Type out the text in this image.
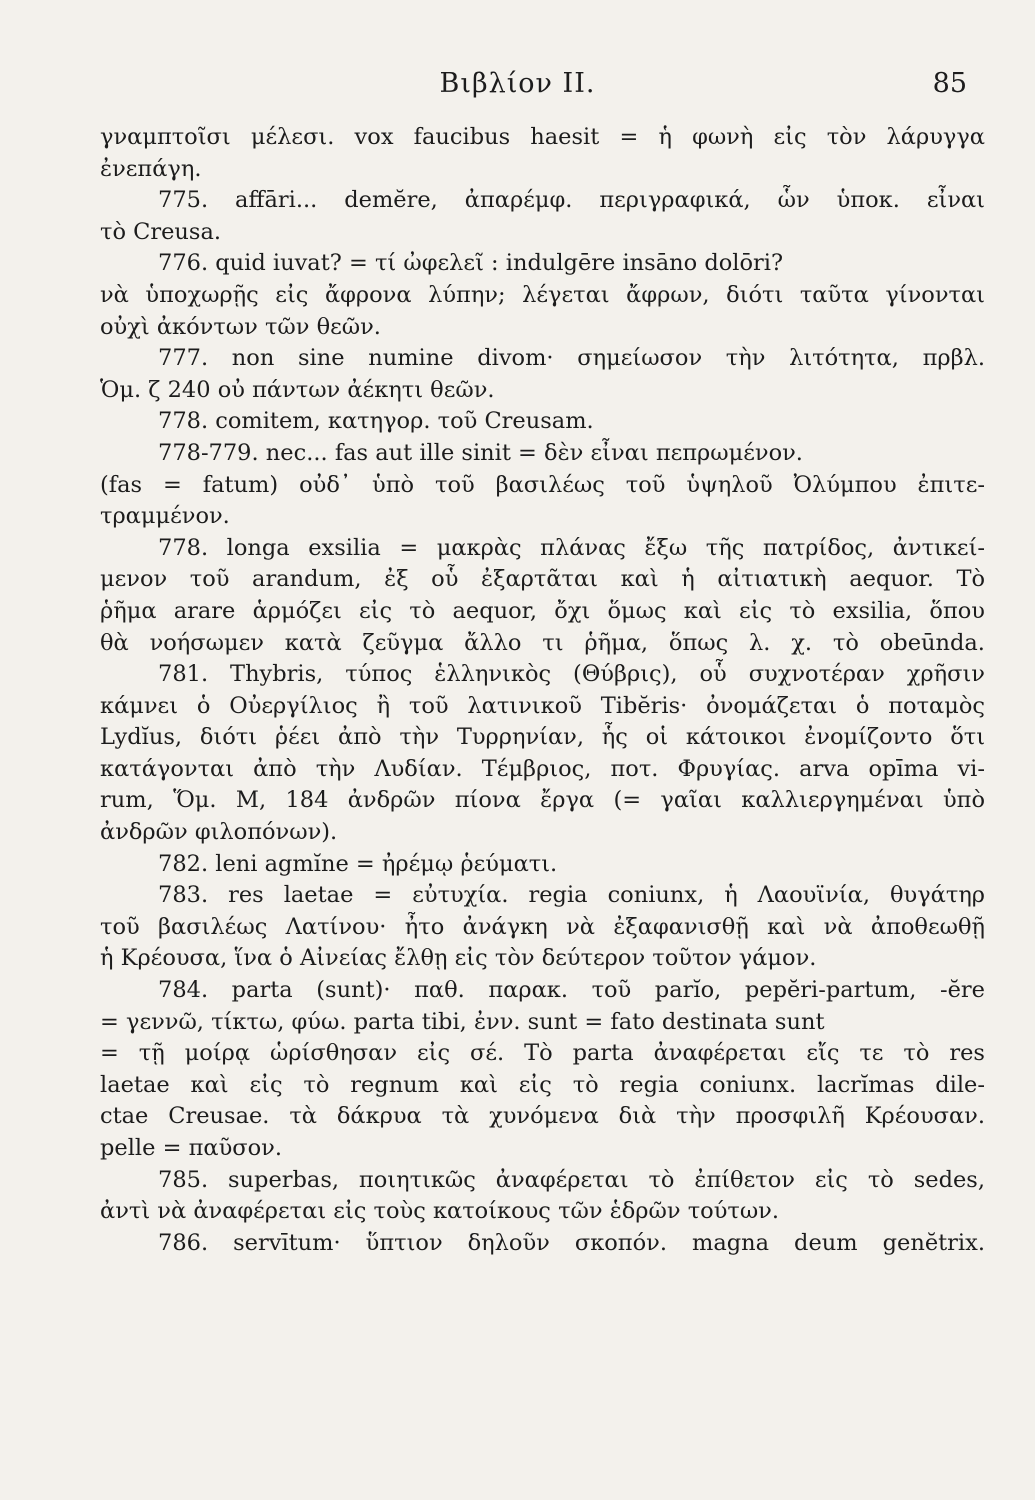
Βιβλίον II.	85
γναμπτοῖσι μέλεσι. vox faucibus haesit = ἡ φωνὴ εἰς τὸν λάρυγγα
ἐνεπάγη.
775. affāri... demĕre, ἀπαρέμφ. περιγραφικά, ὧν ὑποκ. εἶναι
τὸ Creusa.
776. quid iuvat? = τί ὠφελεῖ : indulgēre insāno dolōri?
νὰ ὑποχωρῇς εἰς ἄφρονα λύπην; λέγεται ἄφρων, διότι ταῦτα γίνονται
οὐχὶ ἀκόντων τῶν θεῶν.
777. non sine numine divom· σημείωσον τὴν λιτότητα, πρβλ.
Ὁμ. ζ 240 οὐ πάντων ἀέκητι θεῶν.
778. comitem, κατηγορ. τοῦ Creusam.
778-779. nec... fas aut ille sinit = δὲν εἶναι πεπρωμένον.
(fas = fatum) οὐδ᾽ ὑπὸ τοῦ βασιλέως τοῦ ὑψηλοῦ Ὀλύμπου ἐπιτε-
τραμμένον.
778. longa exsilia = μακρὰς πλάνας ἔξω τῆς πατρίδος, ἀντικεί-
μενον τοῦ arandum, ἐξ οὗ ἐξαρτᾶται καὶ ἡ αἰτιατικὴ aequor. Τὸ
ῥῆμα arare ἁρμόζει εἰς τὸ aequor, ὄχι ὅμως καὶ εἰς τὸ exsilia, ὅπου
θὰ νοήσωμεν κατὰ ζεῦγμα ἄλλο τι ῥῆμα, ὅπως λ. χ. τὸ obeūnda.
781. Thybris, τύπος ἑλληνικὸς (Θύβρις), οὗ συχνοτέραν χρῆσιν
κάμνει ὁ Οὐεργίλιος ἢ τοῦ λατινικοῦ Tibĕris· ὀνομάζεται ὁ ποταμὸς
Lydĭus, διότι ῥέει ἀπὸ τὴν Τυρρηνίαν, ἧς οἱ κάτοικοι ἐνομίζοντο ὅτι
κατάγονται ἀπὸ τὴν Λυδίαν. Τέμβριος, ποτ. Φρυγίας. arva opīma vi-
rum, Ὅμ. Μ, 184 ἀνδρῶν πίονα ἔργα (= γαῖαι καλλιεργημέναι ὑπὸ
ἀνδρῶν φιλοπόνων).
782. leni agmĭne = ἠρέμῳ ῥεύματι.
783. res laetae = εὐτυχία. regia coniunx, ἡ Λαουϊνία, θυγάτηρ
τοῦ βασιλέως Λατίνου· ἦτο ἀνάγκη νὰ ἐξαφανισθῇ καὶ νὰ ἀποθεωθῇ
ἡ Κρέουσα, ἵνα ὁ Αἰνείας ἔλθῃ εἰς τὸν δεύτερον τοῦτον γάμον.
784. parta (sunt)· παθ. παρακ. τοῦ parĭo, pepĕri-partum, -ĕre
= γεννῶ, τίκτω, φύω. parta tibi, ἐνν. sunt = fato destinata sunt
= τῇ μοίρᾳ ὡρίσθησαν εἰς σέ. Τὸ parta ἀναφέρεται εἴς τε τὸ res
laetae καὶ εἰς τὸ regnum καὶ εἰς τὸ regia coniunx. lacrĭmas dile-
ctae Creusae. τὰ δάκρυα τὰ χυνόμενα διὰ τὴν προσφιλῆ Κρέουσαν.
pelle = παῦσον.
785. superbas, ποιητικῶς ἀναφέρεται τὸ ἐπίθετον εἰς τὸ sedes,
ἀντὶ νὰ ἀναφέρεται εἰς τοὺς κατοίκους τῶν ἑδρῶν τούτων.
786. servītum· ὕπτιον δηλοῦν σκοπόν. magna deum genĕtrix.
